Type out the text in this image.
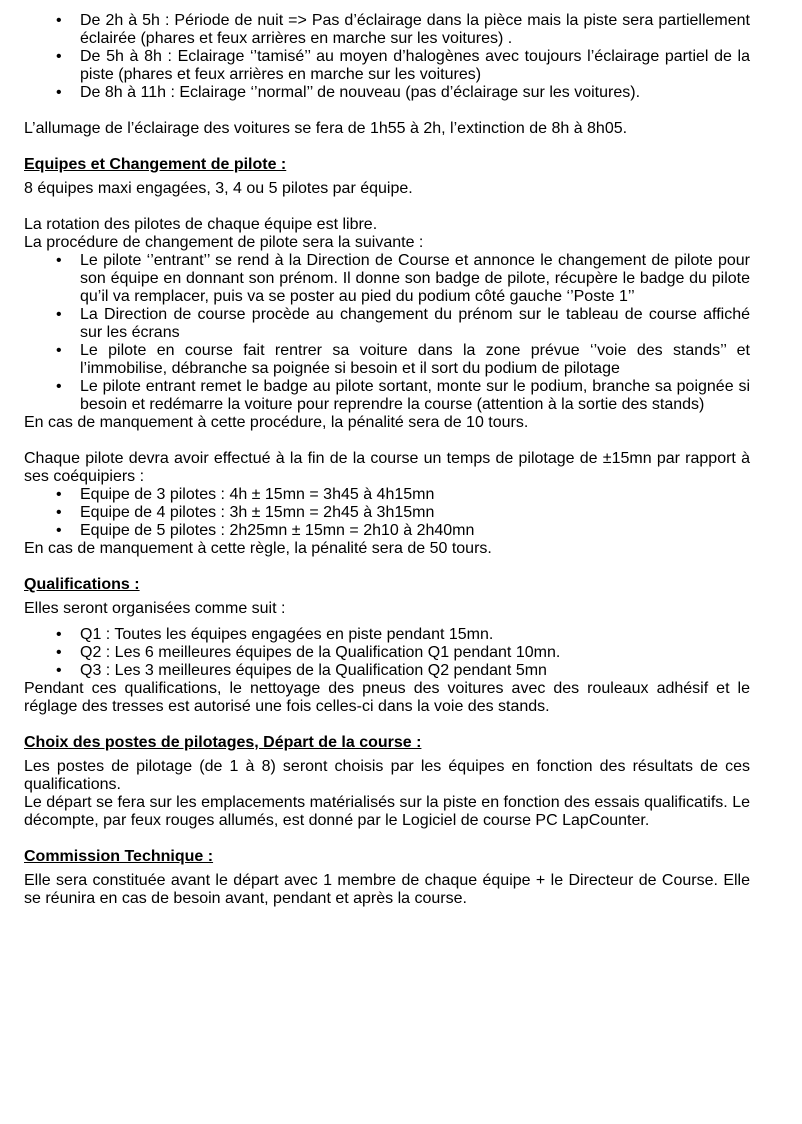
• De 2h à 5h : Période de nuit => Pas d’éclairage dans la pièce mais la piste sera partiellement éclairée (phares et feux arrières en marche sur les voitures) .
• De 5h à 8h : Eclairage ‘’tamisé’’ au moyen d’halogènes avec toujours l’éclairage partiel de la piste (phares et feux arrières en marche sur les voitures)
• De 8h à 11h : Eclairage ‘’normal’’ de nouveau (pas d’éclairage sur les voitures).

L’allumage de l’éclairage des voitures se fera de 1h55 à 2h, l’extinction de 8h à 8h05.

Equipes et Changement de pilote :

8 équipes maxi engagées, 3, 4 ou 5 pilotes par équipe.

La rotation des pilotes de chaque équipe est libre.

La procédure de changement de pilote sera la suivante :

• Le pilote ‘’entrant’’ se rend à la Direction de Course et annonce le changement de pilote pour son équipe en donnant son prénom. Il donne son badge de pilote, récupère le badge du pilote qu’il va remplacer, puis va se poster au pied du podium côté gauche ‘’Poste 1’’
• La Direction de course procède au changement du prénom sur le tableau de course affiché sur les écrans
• Le pilote en course fait rentrer sa voiture dans la zone prévue ‘’voie des stands’’ et l’immobilise, débranche sa poignée si besoin et il sort du podium de pilotage
• Le pilote entrant remet le badge au pilote sortant, monte sur le podium, branche sa poignée si besoin et redémarre la voiture pour reprendre la course (attention à la sortie des stands)

En cas de manquement à cette procédure, la pénalité sera de 10 tours.

Chaque pilote devra avoir effectué à la fin de la course un temps de pilotage de ±15mn par rapport à ses coéquipiers :

• Equipe de 3 pilotes : 4h ± 15mn = 3h45 à 4h15mn
• Equipe de 4 pilotes : 3h ± 15mn = 2h45 à 3h15mn
• Equipe de 5 pilotes : 2h25mn ± 15mn = 2h10 à 2h40mn

En cas de manquement à cette règle, la pénalité sera de 50 tours.

Qualifications :

Elles seront organisées comme suit :

• Q1 : Toutes les équipes engagées en piste pendant 15mn.
• Q2 : Les 6 meilleures équipes de la Qualification Q1 pendant 10mn.
• Q3 : Les 3 meilleures équipes de la Qualification Q2 pendant 5mn

Pendant ces qualifications, le nettoyage des pneus des voitures avec des rouleaux adhésif et le réglage des tresses est autorisé une fois celles-ci dans la voie des stands.

Choix des postes de pilotages, Départ de la course :

Les postes de pilotage (de 1 à 8) seront choisis par les équipes en fonction des résultats de ces qualifications.

Le départ se fera sur les emplacements matérialisés sur la piste en fonction des essais qualificatifs. Le décompte, par feux rouges allumés, est donné par le Logiciel de course PC LapCounter.

Commission Technique :

Elle sera constituée avant le départ avec 1 membre de chaque équipe + le Directeur de Course. Elle se réunira en cas de besoin avant, pendant et après la course.
